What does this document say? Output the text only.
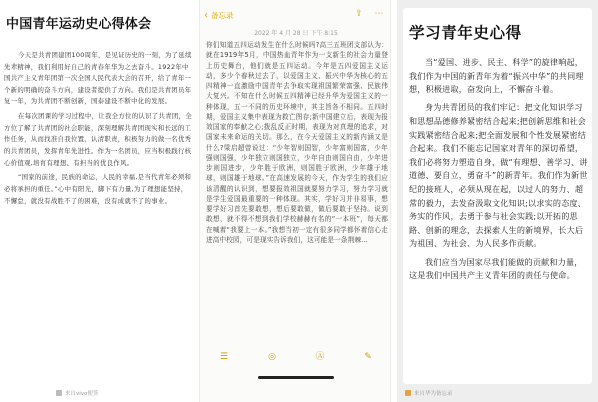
中国青年运动史心得体会

今天是共青团建团100周年，是见证历史的一刻，为了延续先辈精神，我们利用好自己的青春年华为之去奋斗。1922年中国共产主义青年团第一次全国人民代表大会的召开，给了青年一个新的明确的奋斗方向，建设者提供了方向。我们是共青团员年复一年，为共青团不断创新，国泰建设不断中化的发展。

在每次团课的学习过程中，让我全方位的认识了共青团，全方位了解了共青团的社会职能，深刻理解共青团现实和长远的工作任务，从而找准自我位置，认清职责，积极努力的做一名优秀的共青团员，发挥青年先进性。作为一名团员，应当积极践行核心价值观,培育有理想、有担当的优良作风。

“国家的前途，民族的命运，人民的幸福,是当代青年必须和必将承担的重任。”心中有阳光，脚下有力量,为了理想能坚持，不懈怠，就没有战胜不了的困难，没有成就不了的事业。

来自vivo便签
‹ 备忘录	⇪ ⋯
2022 年 4 月 28 日 下午 8:15
你们知道五四运动发生在什么时候吗?高三五班团支部认为：就在1919年5月，中国热血青年作为一支新生的社会力量登上历史舞台，他们就是五四运动。今年是五四爱国主义运动，多少个春秋过去了，以爱国主义、振兴中华为核心的五四精神一直激励中国青年去争取实现祖国繁荣富强、民族伟大复兴。不知在什么时候五四精神已经升华为爱国主义的一种体现，五一不同的历史环境中，其主旨各不相同。五四时期，爱国主义集中表现为救亡图存;新中国建立后，表现为报效国家的奉献之心;拨乱反正时期，表现为对真理的追求，对国家未来命运的关切。那么，在今天爱国主义的新内涵又是什么?梁启超曾说过：“少年智则国智，少年富则国富，少年强则国强，少年独立则国独立，少年自由则国自由，少年进步则国进步，少年胜于欧洲，则国胜于欧洲，少年雄于地球，则国雄于地球。”在高速发展的今天，作为学生的我们应该清醒的认识到，想要报效祖国就要努力学习，努力学习就是学生爱国最重要的一种体现。其实，学好习并非易事，想要学好习首先要敢想，想后要敢做，做后要敢于坚持。说到敢想，就不得不想到我们学校赫赫有名的“一本班”，每天都在喊着“我要上一本。”我想当初一定有很多同学都怀着信心走进高中校园，可是现实告诉我们，这可能是一条荆棘…
☰	◎	Ⓐ	✎
学习青年史心得

当“爱国、进步、民主、科学”的旋律响起，我们作为中国的新青年为着“振兴中华”的共同理想，积极进取，奋发向上，不懈奋斗着。

身为共青团员的我们牢记：把文化知识学习和思想品德修养紧密结合起来;把创新思维和社会实践紧密结合起来;把全面发展和个性发展紧密结合起来。我们不能忘记国家对青年的深切希望，我们必将努力塑造自身，做“有理想、善学习、讲道德、要自立，勇奋斗”的新青年。我们作为新世纪的接班人，必须从现在起，以过人的努力、超常的毅力，去发奋汲取文化知识;以求实的态度、务实的作风，去勇于参与社会实践;以开拓的思路、创新的理念，去探索人生的新境界，长大后为祖国、为社会、为人民多作贡献。

我们应当为国家尽我们能做的贡献和力量，这是我们中国共产主义青年团的责任与使命。

来自华为备忘录
